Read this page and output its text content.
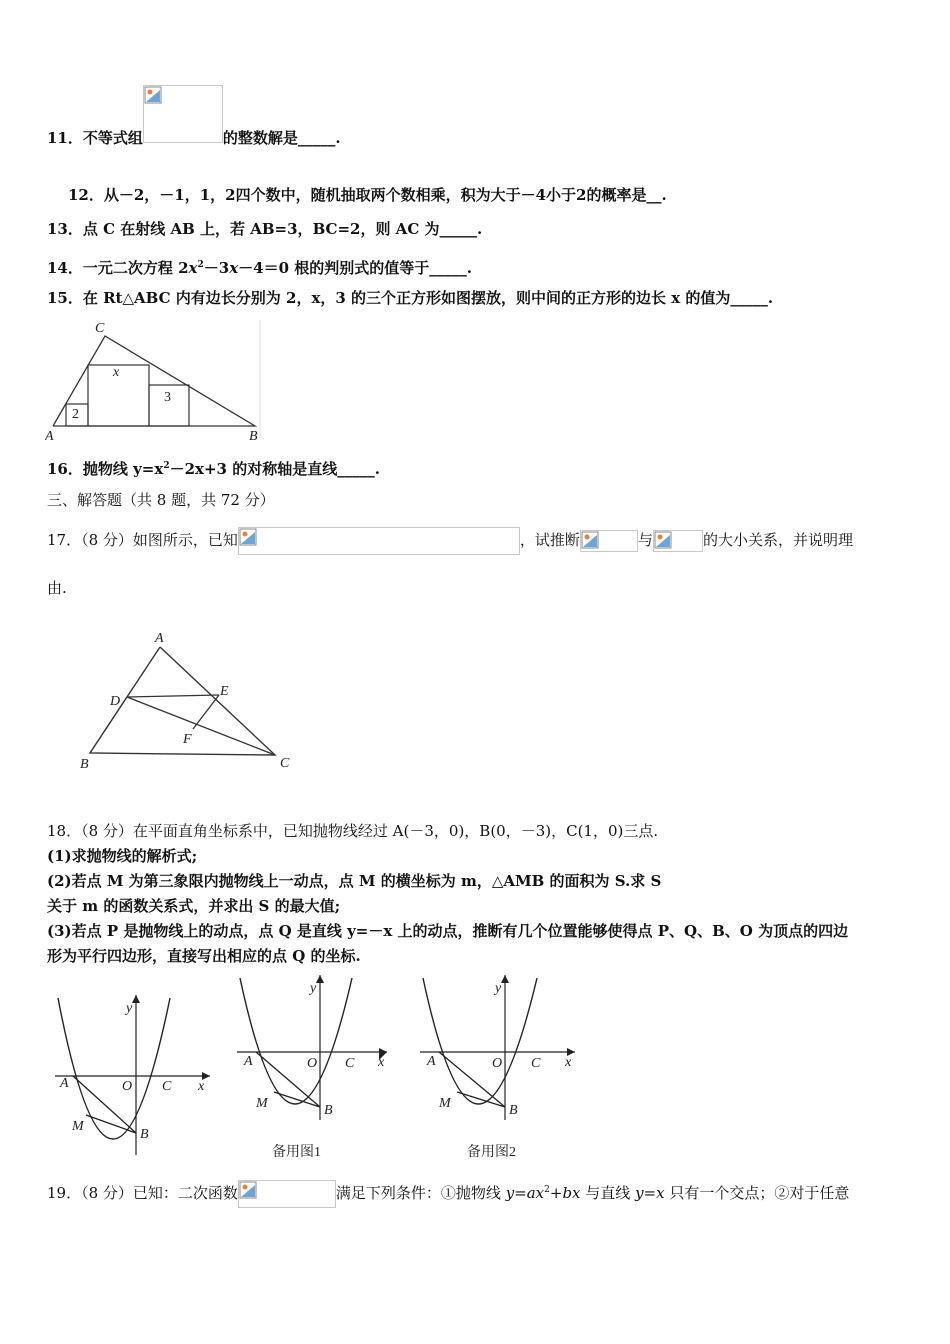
11．不等式组	的整数解是_____.
12．从－2，－1，1，2四个数中，随机抽取两个数相乘，积为大于－4小于2的概率是__.
13．点 C 在射线 AB 上，若 AB=3，BC=2，则 AC 为_____.
14．一元二次方程 $2x^2-3x-4=0$ 根的判别式的值等于_____.
15．在 Rt△ABC 内有边长分别为 2，x，3 的三个正方形如图摆放，则中间的正方形的边长 x 的值为_____.
C
A	B
x
2
3
16．抛物线 $y=x^2-2x+3$ 的对称轴是直线_____.
三、解答题（共 8 题，共 72 分）
17．（8 分）如图所示，已知	，试推断	与	的大小关系，并说明理
由.
A
D
E
F
B	C
18．（8 分）在平面直角坐标系中，已知抛物线经过 A(－3，0)，B(0，－3)，C(1，0)三点.
(1)求抛物线的解析式;
(2)若点 M 为第三象限内抛物线上一动点，点 M 的横坐标为 m，△AMB 的面积为 S.求 S
关于 m 的函数关系式，并求出 S 的最大值;
(3)若点 P 是抛物线上的动点，点 Q 是直线 y=－x 上的动点，推断有几个位置能够使得点 P、Q、B、O 为顶点的四边
形为平行四边形，直接写出相应的点 Q 的坐标.
y
x
A	O C
M
B
y
x
A	O C
M	B
备用图1
y
x
A	O C
M	B
备用图2
19．（8 分）已知：二次函数	满足下列条件：①抛物线 $y=ax^2+bx$ 与直线 y=x 只有一个交点；②对于任意
